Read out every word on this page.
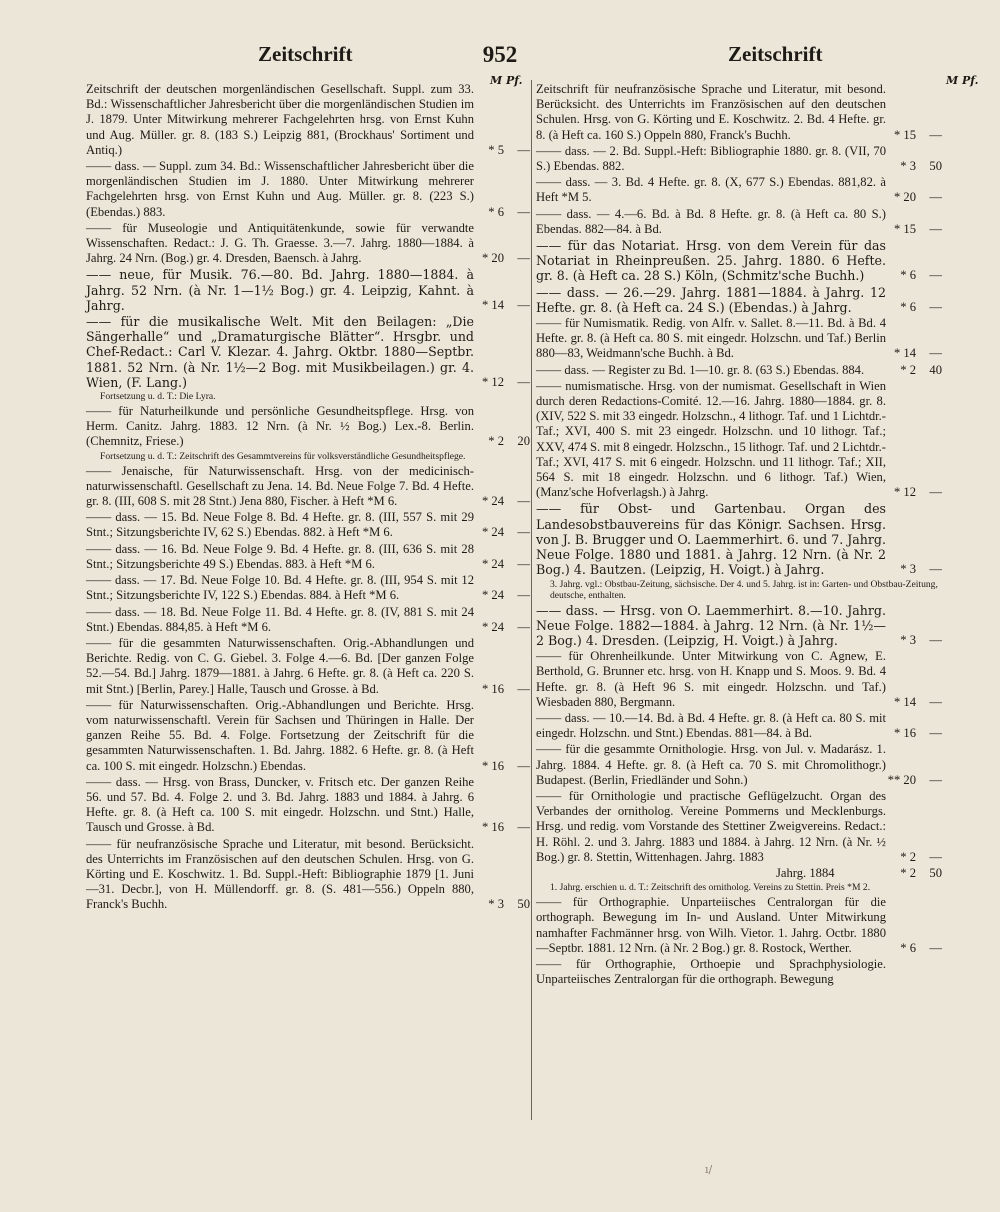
Zeitschrift	952	Zeitschrift
M Pf.	M Pf.
Zeitschrift der deutschen morgenländischen Gesellschaft. Suppl. zum 33. Bd.: Wissenschaftlicher Jahresbericht über die morgenländischen Studien im J. 1879. Unter Mitwirkung mehrerer Fachgelehrten hrsg. von Ernst Kuhn und Aug. Müller. gr. 8. (183 S.) Leipzig 881, (Brockhaus' Sortiment und Antiq.)	* 5	—
—— dass. — Suppl. zum 34. Bd.: Wissenschaftlicher Jahresbericht über die morgenländischen Studien im J. 1880. Unter Mitwirkung mehrerer Fachgelehrten hrsg. von Ernst Kuhn und Aug. Müller. gr. 8. (223 S.) (Ebendas.) 883.	* 6	—
—— für Museologie und Antiquitätenkunde, sowie für verwandte Wissenschaften. Redact.: J. G. Th. Graesse. 3.—7. Jahrg. 1880—1884. à Jahrg. 24 Nrn. (Bog.) gr. 4. Dresden, Baensch. à Jahrg.	* 20	—
—— neue, für Musik. 76.—80. Bd. Jahrg. 1880—1884. à Jahrg. 52 Nrn. (à Nr. 1—1½ Bog.) gr. 4. Leipzig, Kahnt. à Jahrg.	* 14	—
—— für die musikalische Welt. Mit den Beilagen: „Die Sängerhalle“ und „Dramaturgische Blätter“. Hrsgbr. und Chef-Redact.: Carl V. Klezar. 4. Jahrg. Oktbr. 1880—Septbr. 1881. 52 Nrn. (à Nr. 1½—2 Bog. mit Musikbeilagen.) gr. 4. Wien, (F. Lang.)	* 12	—
Fortsetzung u. d. T.: Die Lyra.
—— für Naturheilkunde und persönliche Gesundheitspflege. Hrsg. von Herm. Canitz. Jahrg. 1883. 12 Nrn. (à Nr. ½ Bog.) Lex.-8. Berlin. (Chemnitz, Friese.)	* 2	20
Fortsetzung u. d. T.: Zeitschrift des Gesammtvereins für volksverständliche Gesundheitspflege.
—— Jenaische, für Naturwissenschaft. Hrsg. von der medicinisch-naturwissenschaftl. Gesellschaft zu Jena. 14. Bd. Neue Folge 7. Bd. 4 Hefte. gr. 8. (III, 608 S. mit 28 Stnt.) Jena 880, Fischer. à Heft *M 6.	* 24	—
—— dass. — 15. Bd. Neue Folge 8. Bd. 4 Hefte. gr. 8. (III, 557 S. mit 29 Stnt.; Sitzungsberichte IV, 62 S.) Ebendas. 882. à Heft *M 6.	* 24	—
—— dass. — 16. Bd. Neue Folge 9. Bd. 4 Hefte. gr. 8. (III, 636 S. mit 28 Stnt.; Sitzungsberichte 49 S.) Ebendas. 883. à Heft *M 6.	* 24	—
—— dass. — 17. Bd. Neue Folge 10. Bd. 4 Hefte. gr. 8. (III, 954 S. mit 12 Stnt.; Sitzungsberichte IV, 122 S.) Ebendas. 884. à Heft *M 6.	* 24	—
—— dass. — 18. Bd. Neue Folge 11. Bd. 4 Hefte. gr. 8. (IV, 881 S. mit 24 Stnt.) Ebendas. 884,85. à Heft *M 6.	* 24	—
—— für die gesammten Naturwissenschaften. Orig.-Abhandlungen und Berichte. Redig. von C. G. Giebel. 3. Folge 4.—6. Bd. [Der ganzen Folge 52.—54. Bd.] Jahrg. 1879—1881. à Jahrg. 6 Hefte. gr. 8. (à Heft ca. 220 S. mit Stnt.) [Berlin, Parey.] Halle, Tausch und Grosse. à Bd.	* 16	—
—— für Naturwissenschaften. Orig.-Abhandlungen und Berichte. Hrsg. vom naturwissenschaftl. Verein für Sachsen und Thüringen in Halle. Der ganzen Reihe 55. Bd. 4. Folge. Fortsetzung der Zeitschrift für die gesammten Naturwissenschaften. 1. Bd. Jahrg. 1882. 6 Hefte. gr. 8. (à Heft ca. 100 S. mit eingedr. Holzschn.) Ebendas.	* 16	—
—— dass. — Hrsg. von Brass, Duncker, v. Fritsch etc. Der ganzen Reihe 56. und 57. Bd. 4. Folge 2. und 3. Bd. Jahrg. 1883 und 1884. à Jahrg. 6 Hefte. gr. 8. (à Heft ca. 100 S. mit eingedr. Holzschn. und Stnt.) Halle, Tausch und Grosse. à Bd.	* 16	—
—— für neufranzösische Sprache und Literatur, mit besond. Berücksicht. des Unterrichts im Französischen auf den deutschen Schulen. Hrsg. von G. Körting und E. Koschwitz. 1. Bd. Suppl.-Heft: Bibliographie 1879 [1. Juni—31. Decbr.], von H. Müllendorff. gr. 8. (S. 481—556.) Oppeln 880, Franck's Buchh.	* 3	50
Zeitschrift für neufranzösische Sprache und Literatur, mit besond. Berücksicht. des Unterrichts im Französischen auf den deutschen Schulen. Hrsg. von G. Körting und E. Koschwitz. 2. Bd. 4 Hefte. gr. 8. (à Heft ca. 160 S.) Oppeln 880, Franck's Buchh.	* 15	—
—— dass. — 2. Bd. Suppl.-Heft: Bibliographie 1880. gr. 8. (VII, 70 S.) Ebendas. 882.	* 3	50
—— dass. — 3. Bd. 4 Hefte. gr. 8. (X, 677 S.) Ebendas. 881,82. à Heft *M 5.	* 20	—
—— dass. — 4.—6. Bd. à Bd. 8 Hefte. gr. 8. (à Heft ca. 80 S.) Ebendas. 882—84. à Bd.	* 15	—
—— für das Notariat. Hrsg. von dem Verein für das Notariat in Rheinpreußen. 25. Jahrg. 1880. 6 Hefte. gr. 8. (à Heft ca. 28 S.) Köln, (Schmitz'sche Buchh.)	* 6	—
—— dass. — 26.—29. Jahrg. 1881—1884. à Jahrg. 12 Hefte. gr. 8. (à Heft ca. 24 S.) (Ebendas.) à Jahrg.	* 6	—
—— für Numismatik. Redig. von Alfr. v. Sallet. 8.—11. Bd. à Bd. 4 Hefte. gr. 8. (à Heft ca. 80 S. mit eingedr. Holzschn. und Taf.) Berlin 880—83, Weidmann'sche Buchh. à Bd.	* 14	—
—— dass. — Register zu Bd. 1—10. gr. 8. (63 S.) Ebendas. 884.	* 2	40
—— numismatische. Hrsg. von der numismat. Gesellschaft in Wien durch deren Redactions-Comité. 12.—16. Jahrg. 1880—1884. gr. 8. (XIV, 522 S. mit 33 eingedr. Holzschn., 4 lithogr. Taf. und 1 Lichtdr.-Taf.; XVI, 400 S. mit 23 eingedr. Holzschn. und 10 lithogr. Taf.; XXV, 474 S. mit 8 eingedr. Holzschn., 15 lithogr. Taf. und 2 Lichtdr.-Taf.; XVI, 417 S. mit 6 eingedr. Holzschn. und 11 lithogr. Taf.; XII, 564 S. mit 18 eingedr. Holzschn. und 6 lithogr. Taf.) Wien, (Manz'sche Hofverlagsh.) à Jahrg.	* 12	—
—— für Obst- und Gartenbau. Organ des Landesobstbauvereins für das Königr. Sachsen. Hrsg. von J. B. Brugger und O. Laemmerhirt. 6. und 7. Jahrg. Neue Folge. 1880 und 1881. à Jahrg. 12 Nrn. (à Nr. 2 Bog.) 4. Bautzen. (Leipzig, H. Voigt.) à Jahrg.	* 3	—
3. Jahrg. vgl.: Obstbau-Zeitung, sächsische. Der 4. und 5. Jahrg. ist in: Garten- und Obstbau-Zeitung, deutsche, enthalten.
—— dass. — Hrsg. von O. Laemmerhirt. 8.—10. Jahrg. Neue Folge. 1882—1884. à Jahrg. 12 Nrn. (à Nr. 1½—2 Bog.) 4. Dresden. (Leipzig, H. Voigt.) à Jahrg.	* 3	—
—— für Ohrenheilkunde. Unter Mitwirkung von C. Agnew, E. Berthold, G. Brunner etc. hrsg. von H. Knapp und S. Moos. 9. Bd. 4 Hefte. gr. 8. (à Heft 96 S. mit eingedr. Holzschn. und Taf.) Wiesbaden 880, Bergmann.	* 14	—
—— dass. — 10.—14. Bd. à Bd. 4 Hefte. gr. 8. (à Heft ca. 80 S. mit eingedr. Holzschn. und Stnt.) Ebendas. 881—84. à Bd.	* 16	—
—— für die gesammte Ornithologie. Hrsg. von Jul. v. Madarász. 1. Jahrg. 1884. 4 Hefte. gr. 8. (à Heft ca. 70 S. mit Chromolithogr.) Budapest. (Berlin, Friedländer und Sohn.)	** 20	—
—— für Ornithologie und practische Geflügelzucht. Organ des Verbandes der ornitholog. Vereine Pommerns und Mecklenburgs. Hrsg. und redig. vom Vorstande des Stettiner Zweigvereins. Redact.: H. Röhl. 2. und 3. Jahrg. 1883 und 1884. à Jahrg. 12 Nrn. (à Nr. ½ Bog.) gr. 8. Stettin, Wittenhagen. Jahrg. 1883	* 2	—
Jahrg. 1884	* 2	50
1. Jahrg. erschien u. d. T.: Zeitschrift des ornitholog. Vereins zu Stettin. Preis *M 2.
—— für Orthographie. Unparteiisches Centralorgan für die orthograph. Bewegung im In- und Ausland. Unter Mitwirkung namhafter Fachmänner hrsg. von Wilh. Vietor. 1. Jahrg. Octbr. 1880—Septbr. 1881. 12 Nrn. (à Nr. 2 Bog.) gr. 8. Rostock, Werther.	* 6	—
—— für Orthographie, Orthoepie und Sprachphysiologie. Unparteiisches Zentralorgan für die orthograph. Bewegung
ı/
